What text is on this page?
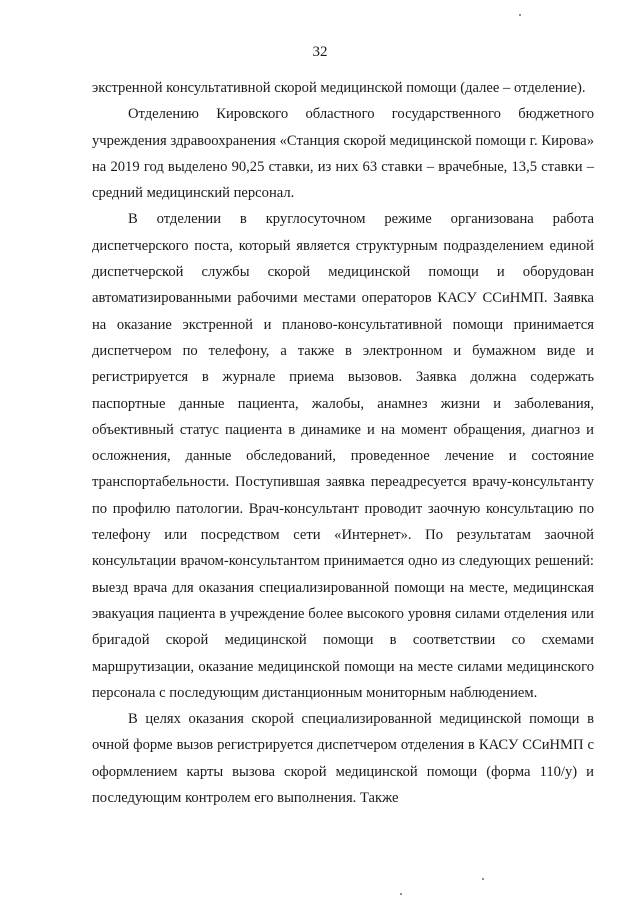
32

экстренной консультативной скорой медицинской помощи (далее – отделение).

Отделению Кировского областного государственного бюджетного учреждения здравоохранения «Станция скорой медицинской помощи г. Кирова» на 2019 год выделено 90,25 ставки, из них 63 ставки – врачебные, 13,5 ставки – средний медицинский персонал.

В отделении в круглосуточном режиме организована работа диспетчерского поста, который является структурным подразделением единой диспетчерской службы скорой медицинской помощи и оборудован автоматизированными рабочими местами операторов КАСУ ССиНМП. Заявка на оказание экстренной и планово-консультативной помощи принимается диспетчером по телефону, а также в электронном и бумажном виде и регистрируется в журнале приема вызовов. Заявка должна содержать паспортные данные пациента, жалобы, анамнез жизни и заболевания, объективный статус пациента в динамике и на момент обращения, диагноз и осложнения, данные обследований, проведенное лечение и состояние транспортабельности. Поступившая заявка переадресуется врачу-консультанту по профилю патологии. Врач-консультант проводит заочную консультацию по телефону или посредством сети «Интернет». По результатам заочной консультации врачом-консультантом принимается одно из следующих решений: выезд врача для оказания специализированной помощи на месте, медицинская эвакуация пациента в учреждение более высокого уровня силами отделения или бригадой скорой медицинской помощи в соответствии со схемами маршрутизации, оказание медицинской помощи на месте силами медицинского персонала с последующим дистанционным мониторным наблюдением.

В целях оказания скорой специализированной медицинской помощи в очной форме вызов регистрируется диспетчером отделения в КАСУ ССиНМП с оформлением карты вызова скорой медицинской помощи (форма 110/у) и последующим контролем его выполнения. Также
